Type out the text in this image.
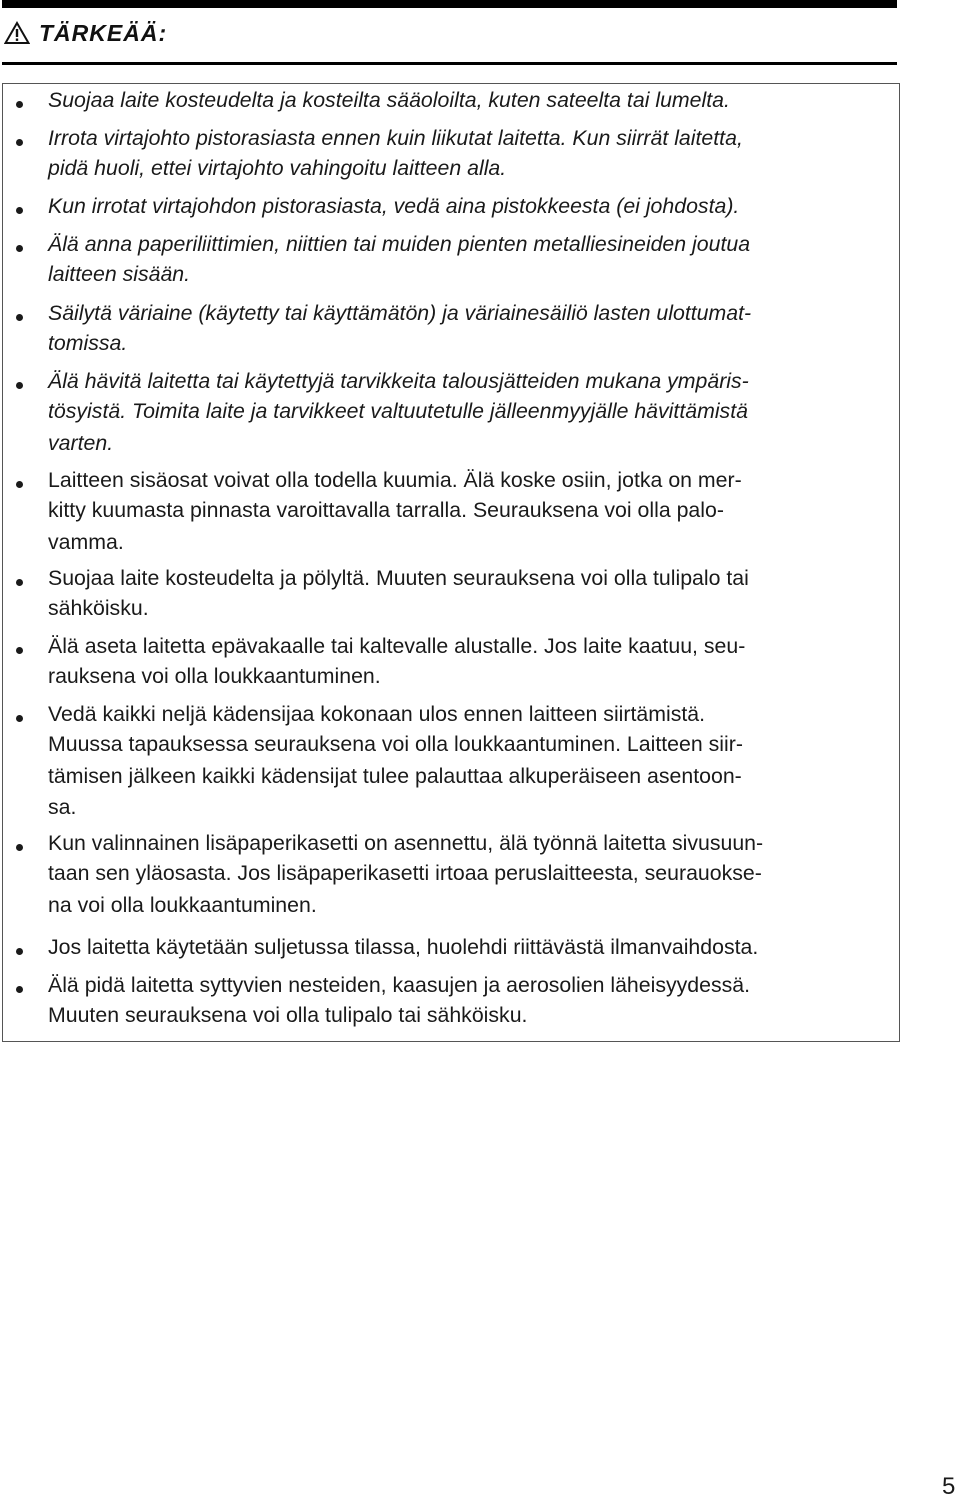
TÄRKEÄÄ:
Suojaa laite kosteudelta ja kosteilta sääoloilta, kuten sateelta tai lumelta.
Irrota virtajohto pistorasiasta ennen kuin liikutat laitetta. Kun siirrät laitetta,
pidä huoli, ettei virtajohto vahingoitu laitteen alla.
Kun irrotat virtajohdon pistorasiasta, vedä aina pistokkeesta (ei johdosta).
Älä anna paperiliittimien, niittien tai muiden pienten metalliesineiden joutua
laitteen sisään.
Säilytä väriaine (käytetty tai käyttämätön) ja väriainesäiliö lasten ulottumat-
tomissa.
Älä hävitä laitetta tai käytettyjä tarvikkeita talousjätteiden mukana ympäris-
tösyistä. Toimita laite ja tarvikkeet valtuutetulle jälleenmyyjälle hävittämistä
varten.
Laitteen sisäosat voivat olla todella kuumia. Älä koske osiin, jotka on mer-
kitty kuumasta pinnasta varoittavalla tarralla. Seurauksena voi olla palo-
vamma.
Suojaa laite kosteudelta ja pölyltä. Muuten seurauksena voi olla tulipalo tai
sähköisku.
Älä aseta laitetta epävakaalle tai kaltevalle alustalle. Jos laite kaatuu, seu-
rauksena voi olla loukkaantuminen.
Vedä kaikki neljä kädensijaa kokonaan ulos ennen laitteen siirtämistä.
Muussa tapauksessa seurauksena voi olla loukkaantuminen. Laitteen siir-
tämisen jälkeen kaikki kädensijat tulee palauttaa alkuperäiseen asentoon-
sa.
Kun valinnainen lisäpaperikasetti on asennettu, älä työnnä laitetta sivusuun-
taan sen yläosasta. Jos lisäpaperikasetti irtoaa peruslaitteesta, seurauokse-
na voi olla loukkaantuminen.
Jos laitetta käytetään suljetussa tilassa, huolehdi riittävästä ilmanvaihdosta.
Älä pidä laitetta syttyvien nesteiden, kaasujen ja aerosolien läheisyydessä.
Muuten seurauksena voi olla tulipalo tai sähköisku.
5
